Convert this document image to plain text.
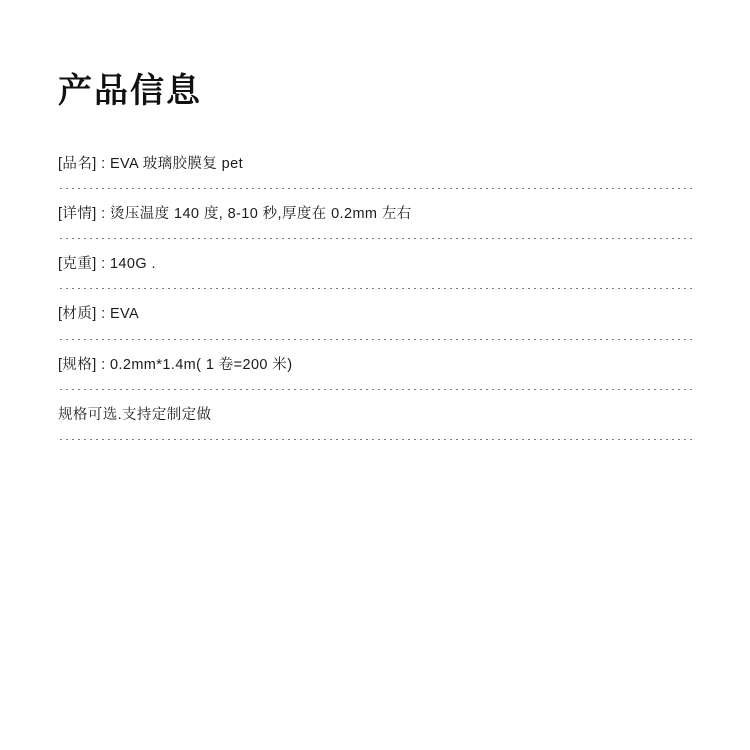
产品信息
[品名] : EVA 玻璃胶膜复 pet
[详情] : 烫压温度 140 度, 8-10 秒,厚度在 0.2mm 左右
[克重] : 140G .
[材质] : EVA
[规格] : 0.2mm*1.4m( 1 卷=200 米)
规格可选.支持定制定做
